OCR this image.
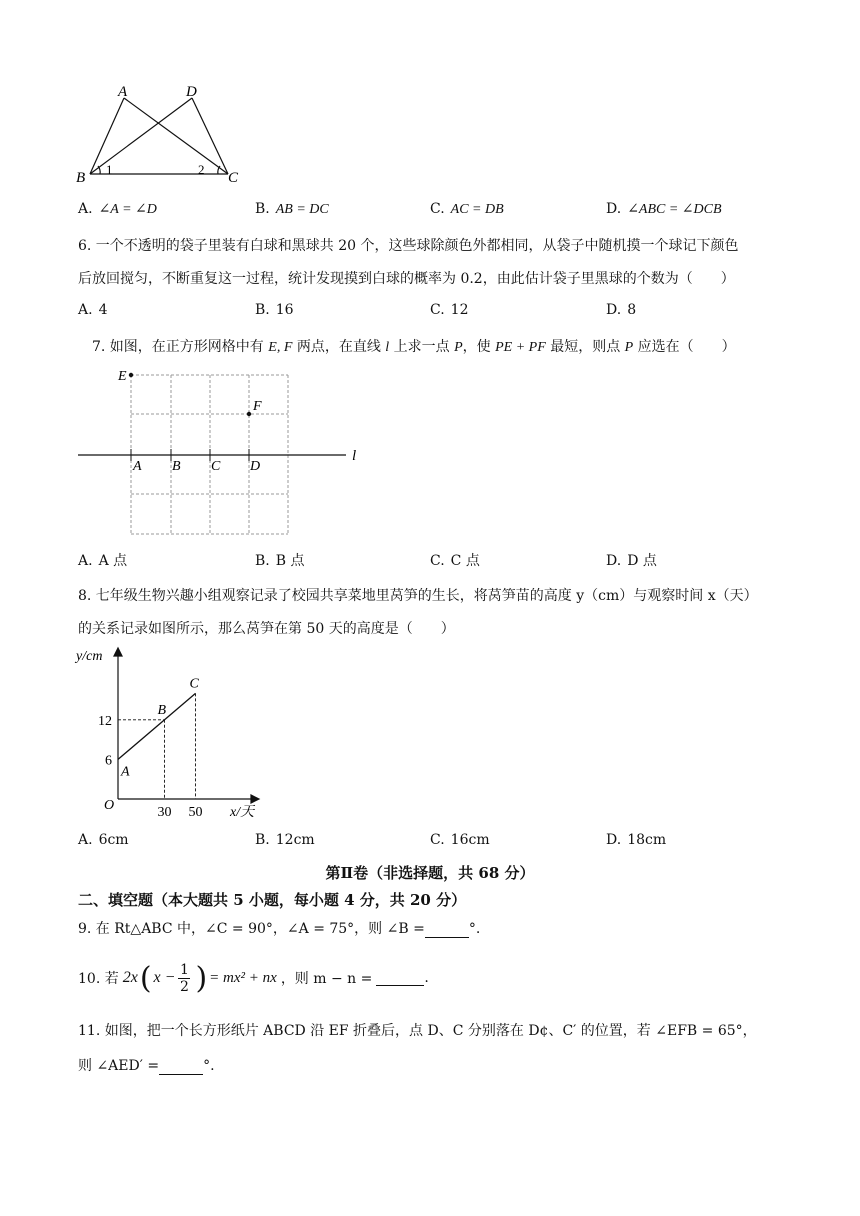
A	D
B	C
1	2
A. ∠A = ∠D	B. AB = DC	C. AC = DB	D. ∠ABC = ∠DCB
6. 一个不透明的袋子里装有白球和黑球共 20 个，这些球除颜色外都相同，从袋子中随机摸一个球记下颜色
后放回搅匀，不断重复这一过程，统计发现摸到白球的概率为 0.2，由此估计袋子里黑球的个数为（　　）
A. 4	B. 16	C. 12	D. 8
7. 如图，在正方形网格中有 E, F 两点，在直线 l 上求一点 P，使 PE + PF 最短，则点 P 应选在（　　）
E
F
A B C D
l
A. A 点	B. B 点	C. C 点	D. D 点
8. 七年级生物兴趣小组观察记录了校园共享菜地里莴笋的生长，将莴笋苗的高度 y（cm）与观察时间 x（天）
的关系记录如图所示，那么莴笋在第 50 天的高度是（　　）
A
B
C
6
12
30 50
y/cm
x/天
O
A. 6cm	B. 12cm	C. 16cm	D. 18cm
第Ⅱ卷（非选择题，共 68 分）
二、填空题（本大题共 5 小题，每小题 4 分，共 20 分）
9. 在 Rt△ABC 中，∠C = 90°，∠A = 75°，则 ∠B =	°.
10. 若 2x ( x − 1
2 ) = mx² + nx ，则 m − n =	.
11. 如图，把一个长方形纸片 ABCD 沿 EF 折叠后，点 D、C 分别落在 D¢、C′ 的位置，若 ∠EFB = 65°，
则 ∠AED′ =	°.
